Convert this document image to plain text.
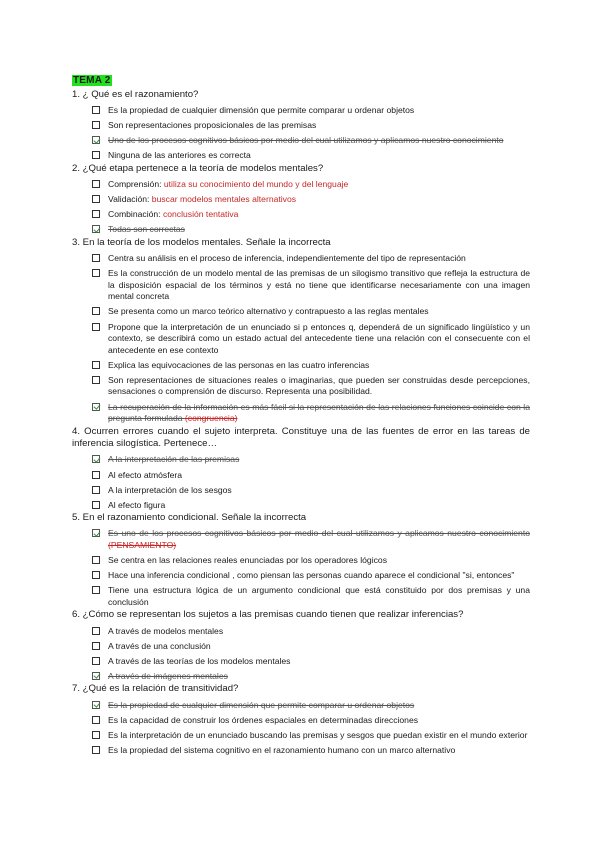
TEMA 2
1. ¿ Qué es el razonamiento?
Es la propiedad de cualquier dimensión que permite comparar u ordenar objetos
Son representaciones proposicionales de las premisas
Uno de los procesos cognitivos básicos por medio del cual utilizamos y aplicamos nuestro conocimiento
Ninguna de las anteriores es correcta
2. ¿Qué etapa pertenece a la teoría de modelos mentales?
Comprensión: utiliza su conocimiento del mundo y del lenguaje
Validación: buscar modelos mentales alternativos
Combinación: conclusión tentativa
Todas son correctas
3. En la teoría de los modelos mentales. Señale la incorrecta
Centra su análisis en el proceso de inferencia, independientemente del tipo de representación
Es la construcción de un modelo mental de las premisas de un silogismo transitivo que refleja la estructura de la disposición espacial de los términos y está no tiene que identificarse necesariamente con una imagen mental concreta
Se presenta como un marco teórico alternativo y contrapuesto a las reglas mentales
Propone que la interpretación de un enunciado si p entonces q, dependerá de un significado lingüístico y un contexto, se describirá como un estado actual del antecedente tiene una relación con el consecuente con el antecedente en ese contexto
Explica las equivocaciones de las personas en las cuatro inferencias
Son representaciones de situaciones reales o imaginarias, que pueden ser construidas desde percepciones, sensaciones o comprensión de discurso. Representa una posibilidad.
La recuperación de la información es más fácil si la representación de las relaciones funciones coincide con la pregunta formulada (congruencia)
4. Ocurren errores cuando el sujeto interpreta. Constituye una de las fuentes de error en las tareas de inferencia silogística. Pertenece…
A la interpretación de las premisas
Al efecto atmósfera
A la interpretación de los sesgos
Al efecto figura
5. En el razonamiento condicional. Señale la incorrecta
Es uno de los procesos cognitivos básicos por medio del cual utilizamos y aplicamos nuestro conocimiento (PENSAMIENTO)
Se centra en las relaciones reales enunciadas por los operadores lógicos
Hace una inferencia condicional , como piensan las personas cuando aparece el condicional "si, entonces"
Tiene una estructura lógica de un argumento condicional que está constituido por dos premisas y una conclusión
6. ¿Cómo se representan los sujetos a las premisas cuando tienen que realizar inferencias?
A través de modelos mentales
A través de una conclusión
A través de las teorías de los modelos mentales
A través de imágenes mentales
7. ¿Qué es la relación de transitividad?
Es la propiedad de cualquier dimensión que permite comparar u ordenar objetos
Es la capacidad de construir los órdenes espaciales en determinadas direcciones
Es la interpretación de un enunciado buscando las premisas y sesgos que puedan existir en el mundo exterior
Es la propiedad del sistema cognitivo en el razonamiento humano con un marco alternativo
